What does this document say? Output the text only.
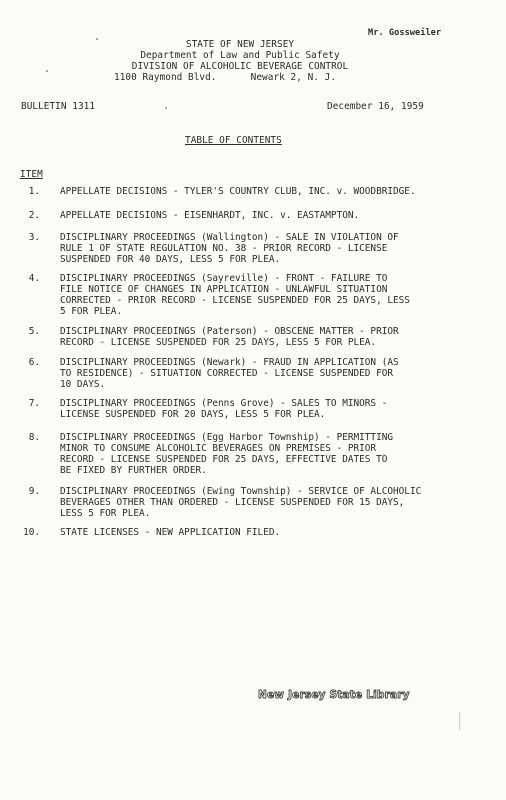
Mr. Gossweiler
STATE OF NEW JERSEY
Department of Law and Public Safety
DIVISION OF ALCOHOLIC BEVERAGE CONTROL
1100 Raymond Blvd.      Newark 2, N. J.
BULLETIN 1311	December 16, 1959
TABLE OF CONTENTS
ITEM
1. APPELLATE DECISIONS - TYLER'S COUNTRY CLUB, INC. v. WOODBRIDGE.
2. APPELLATE DECISIONS - EISENHARDT, INC. v. EASTAMPTON.
3. DISCIPLINARY PROCEEDINGS (Wallington) - SALE IN VIOLATION OF
RULE 1 OF STATE REGULATION NO. 38 - PRIOR RECORD - LICENSE
SUSPENDED FOR 40 DAYS, LESS 5 FOR PLEA.
4. DISCIPLINARY PROCEEDINGS (Sayreville) - FRONT - FAILURE TO
FILE NOTICE OF CHANGES IN APPLICATION - UNLAWFUL SITUATION
CORRECTED - PRIOR RECORD - LICENSE SUSPENDED FOR 25 DAYS, LESS
5 FOR PLEA.
5. DISCIPLINARY PROCEEDINGS (Paterson) - OBSCENE MATTER - PRIOR
RECORD - LICENSE SUSPENDED FOR 25 DAYS, LESS 5 FOR PLEA.
6. DISCIPLINARY PROCEEDINGS (Newark) - FRAUD IN APPLICATION (AS
TO RESIDENCE) - SITUATION CORRECTED - LICENSE SUSPENDED FOR
10 DAYS.
7. DISCIPLINARY PROCEEDINGS (Penns Grove) - SALES TO MINORS -
LICENSE SUSPENDED FOR 20 DAYS, LESS 5 FOR PLEA.
8. DISCIPLINARY PROCEEDINGS (Egg Harbor Township) - PERMITTING
MINOR TO CONSUME ALCOHOLIC BEVERAGES ON PREMISES - PRIOR
RECORD - LICENSE SUSPENDED FOR 25 DAYS, EFFECTIVE DATES TO
BE FIXED BY FURTHER ORDER.
9. DISCIPLINARY PROCEEDINGS (Ewing Township) - SERVICE OF ALCOHOLIC
BEVERAGES OTHER THAN ORDERED - LICENSE SUSPENDED FOR 15 DAYS,
LESS 5 FOR PLEA.
10. STATE LICENSES - NEW APPLICATION FILED.
New Jersey State Library
